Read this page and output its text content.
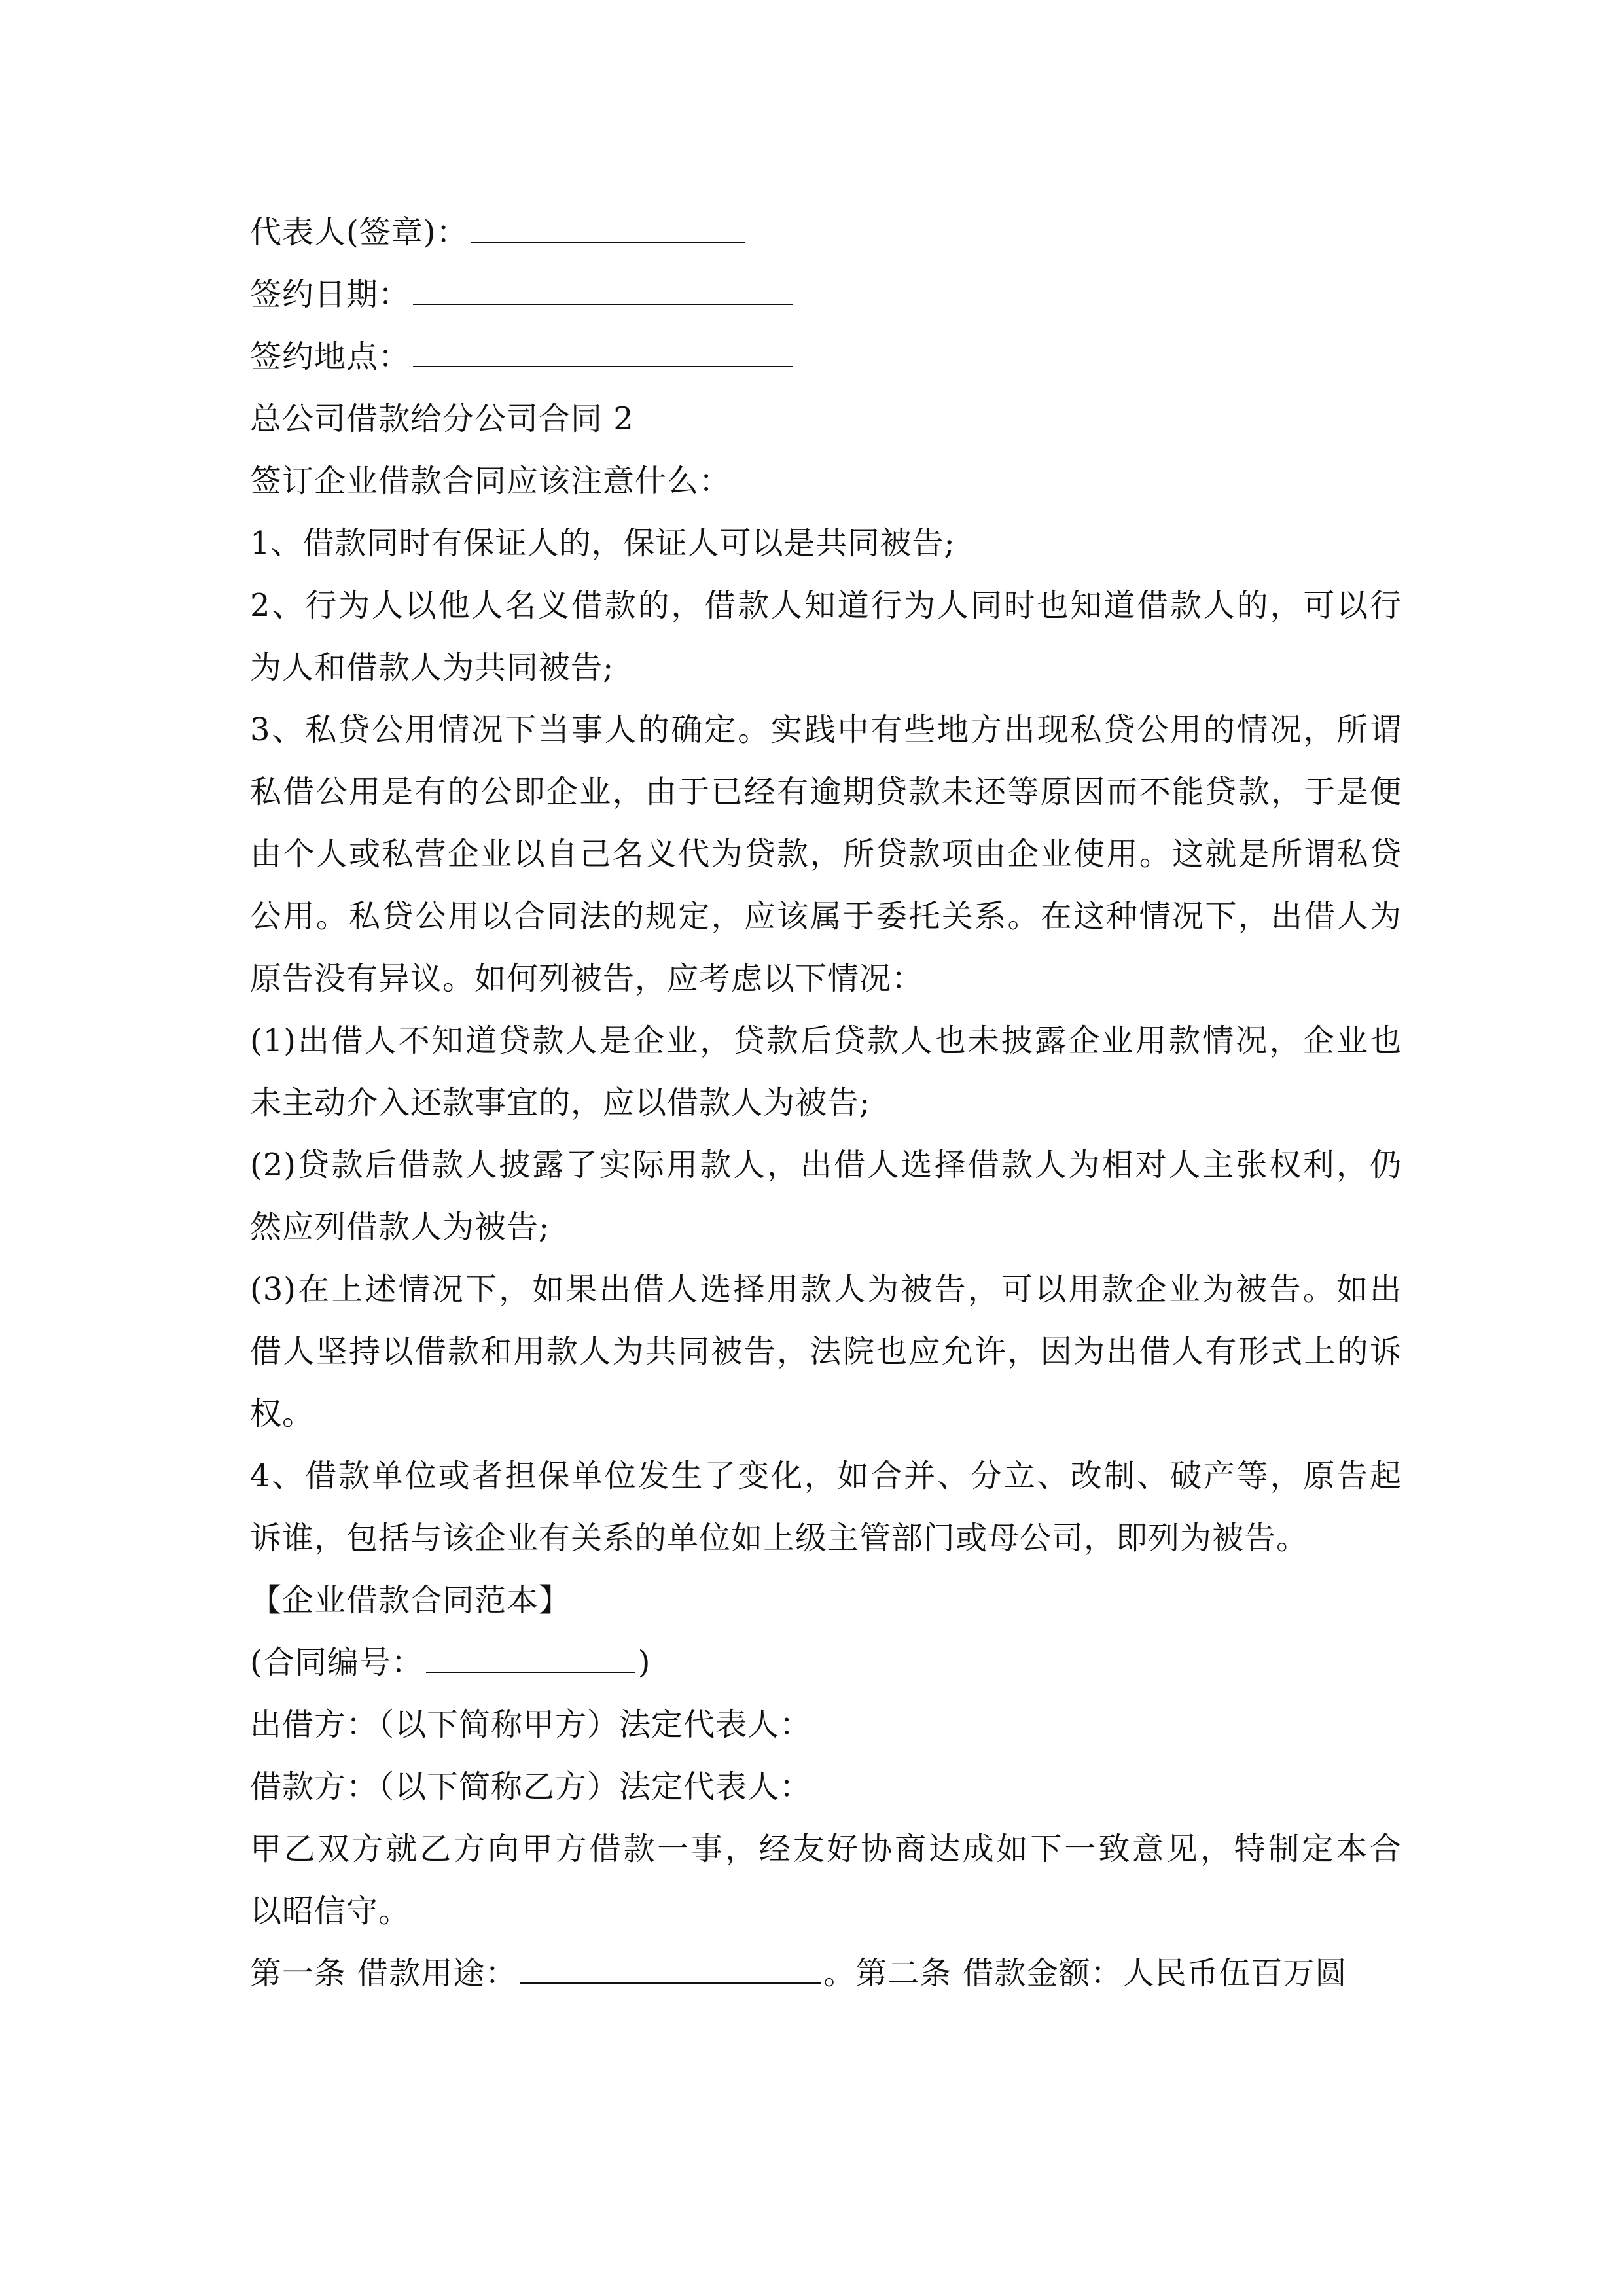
代表人(签章)：
签约日期：
签约地点：
总公司借款给分公司合同 2
签订企业借款合同应该注意什么：
1、借款同时有保证人的，保证人可以是共同被告;
2、行为人以他人名义借款的，借款人知道行为人同时也知道借款人的，可以行
为人和借款人为共同被告;
3、私贷公用情况下当事人的确定。实践中有些地方出现私贷公用的情况，所谓
私借公用是有的公即企业，由于已经有逾期贷款未还等原因而不能贷款，于是便
由个人或私营企业以自己名义代为贷款，所贷款项由企业使用。这就是所谓私贷
公用。私贷公用以合同法的规定，应该属于委托关系。在这种情况下，出借人为
原告没有异议。如何列被告，应考虑以下情况：
(1)出借人不知道贷款人是企业，贷款后贷款人也未披露企业用款情况，企业也
未主动介入还款事宜的，应以借款人为被告;
(2)贷款后借款人披露了实际用款人，出借人选择借款人为相对人主张权利，仍
然应列借款人为被告;
(3)在上述情况下，如果出借人选择用款人为被告，可以用款企业为被告。如出
借人坚持以借款和用款人为共同被告，法院也应允许，因为出借人有形式上的诉
权。
4、借款单位或者担保单位发生了变化，如合并、分立、改制、破产等，原告起
诉谁，包括与该企业有关系的单位如上级主管部门或母公司，即列为被告。
【企业借款合同范本】
(合同编号：	)
出借方：（以下简称甲方）法定代表人：
借款方：（以下简称乙方）法定代表人：
甲乙双方就乙方向甲方借款一事，经友好协商达成如下一致意见，特制定本合
以昭信守。
第一条 借款用途：	。第二条 借款金额：人民币伍百万圆
